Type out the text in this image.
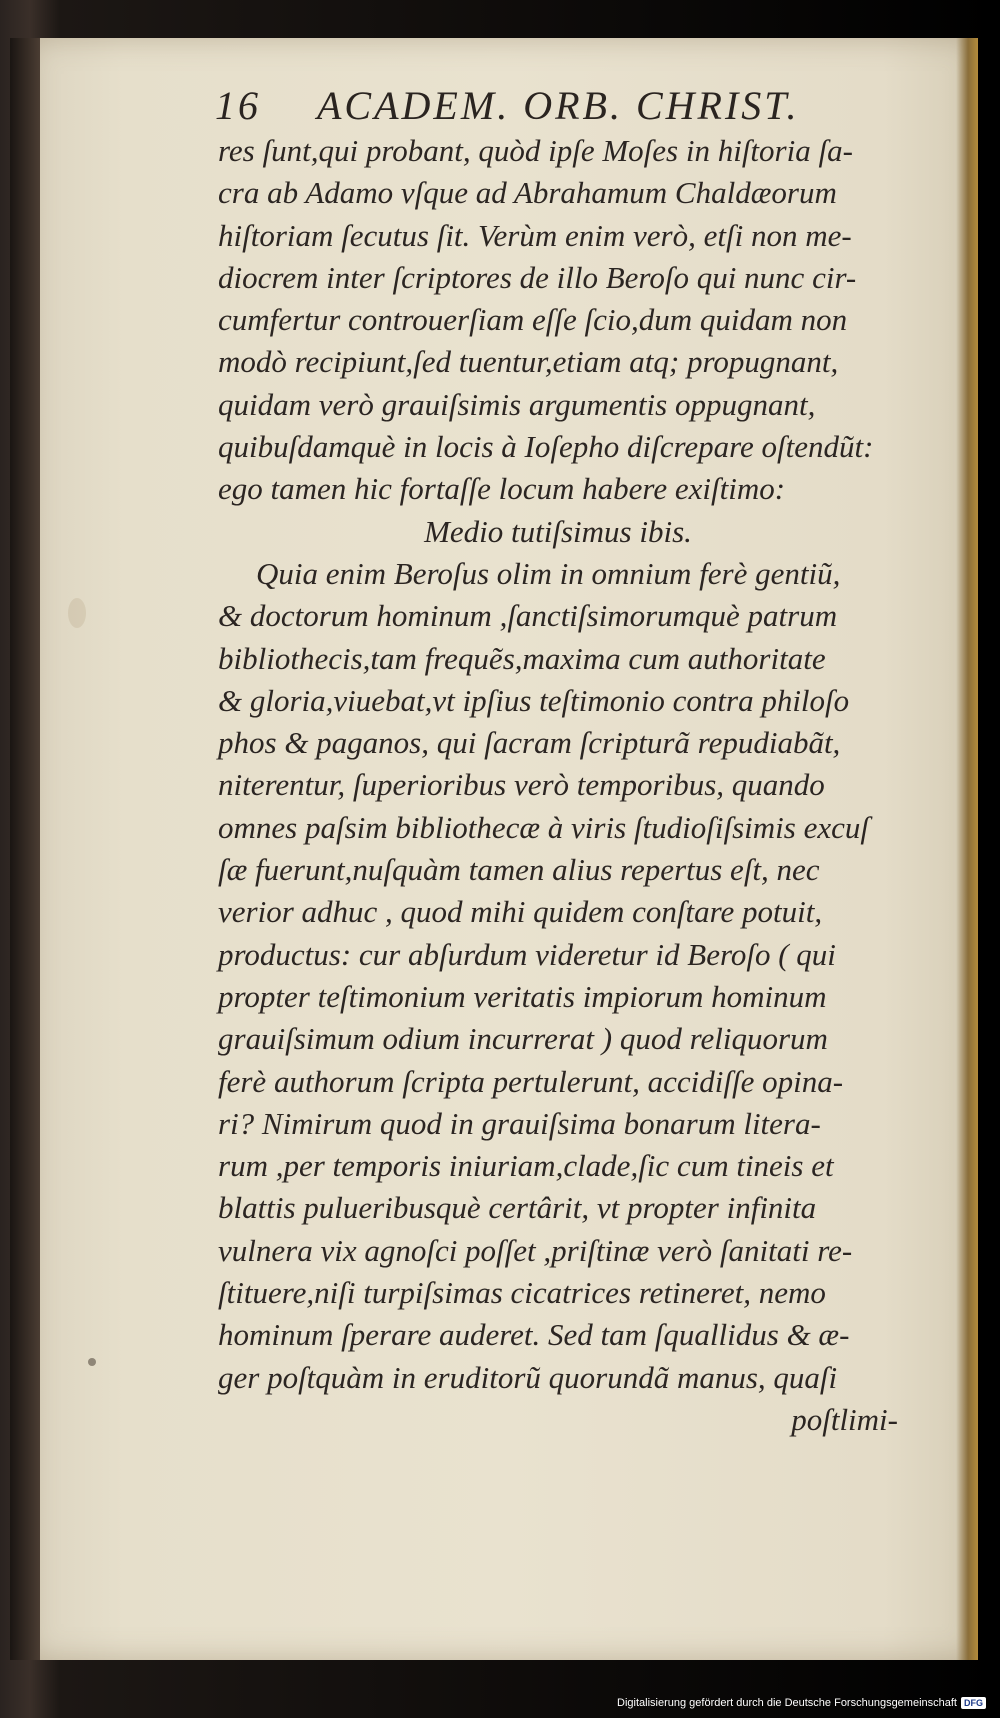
16 ACADEM. ORB. CHRIST.
res ſunt,qui probant, quòd ipſe Moſes in hiſtoria ſa-
cra ab Adamo vſque ad Abrahamum Chaldæorum
hiſtoriam ſecutus ſit. Verùm enim verò, etſi non me-
diocrem inter ſcriptores de illo Beroſo qui nunc cir-
cumfertur controuerſiam eſſe ſcio,dum quidam non
modò recipiunt,ſed tuentur,etiam atq; propugnant,
quidam verò grauiſsimis argumentis oppugnant,
quibuſdamquè in locis à Ioſepho diſcrepare oſtendũt:
ego tamen hic fortaſſe locum habere exiſtimo:
Medio tutiſsimus ibis.
Quia enim Beroſus olim in omnium ferè gentiũ,
& doctorum hominum ,ſanctiſsimorumquè patrum
bibliothecis,tam frequẽs,maxima cum authoritate
& gloria,viuebat,vt ipſius teſtimonio contra philoſo
phos & paganos, qui ſacram ſcripturã repudiabãt,
niterentur, ſuperioribus verò temporibus, quando
omnes paſsim bibliothecæ à viris ſtudioſiſsimis excuſ
ſæ fuerunt,nuſquàm tamen alius repertus eſt, nec
verior adhuc , quod mihi quidem conſtare potuit,
productus: cur abſurdum videretur id Beroſo ( qui
propter teſtimonium veritatis impiorum hominum
grauiſsimum odium incurrerat ) quod reliquorum
ferè authorum ſcripta pertulerunt, accidiſſe opina-
ri? Nimirum quod in grauiſsima bonarum litera-
rum ,per temporis iniuriam,clade,ſic cum tineis et
blattis pulueribusquè certârit, vt propter infinita
vulnera vix agnoſci poſſet ,priſtinæ verò ſanitati re-
ſtituere,niſi turpiſsimas cicatrices retineret, nemo
hominum ſperare auderet. Sed tam ſquallidus & æ-
ger poſtquàm in eruditorũ quorundã manus, quaſi
poſtlimi-
Digitalisierung gefördert durch die Deutsche Forschungsgemeinschaft DFG
